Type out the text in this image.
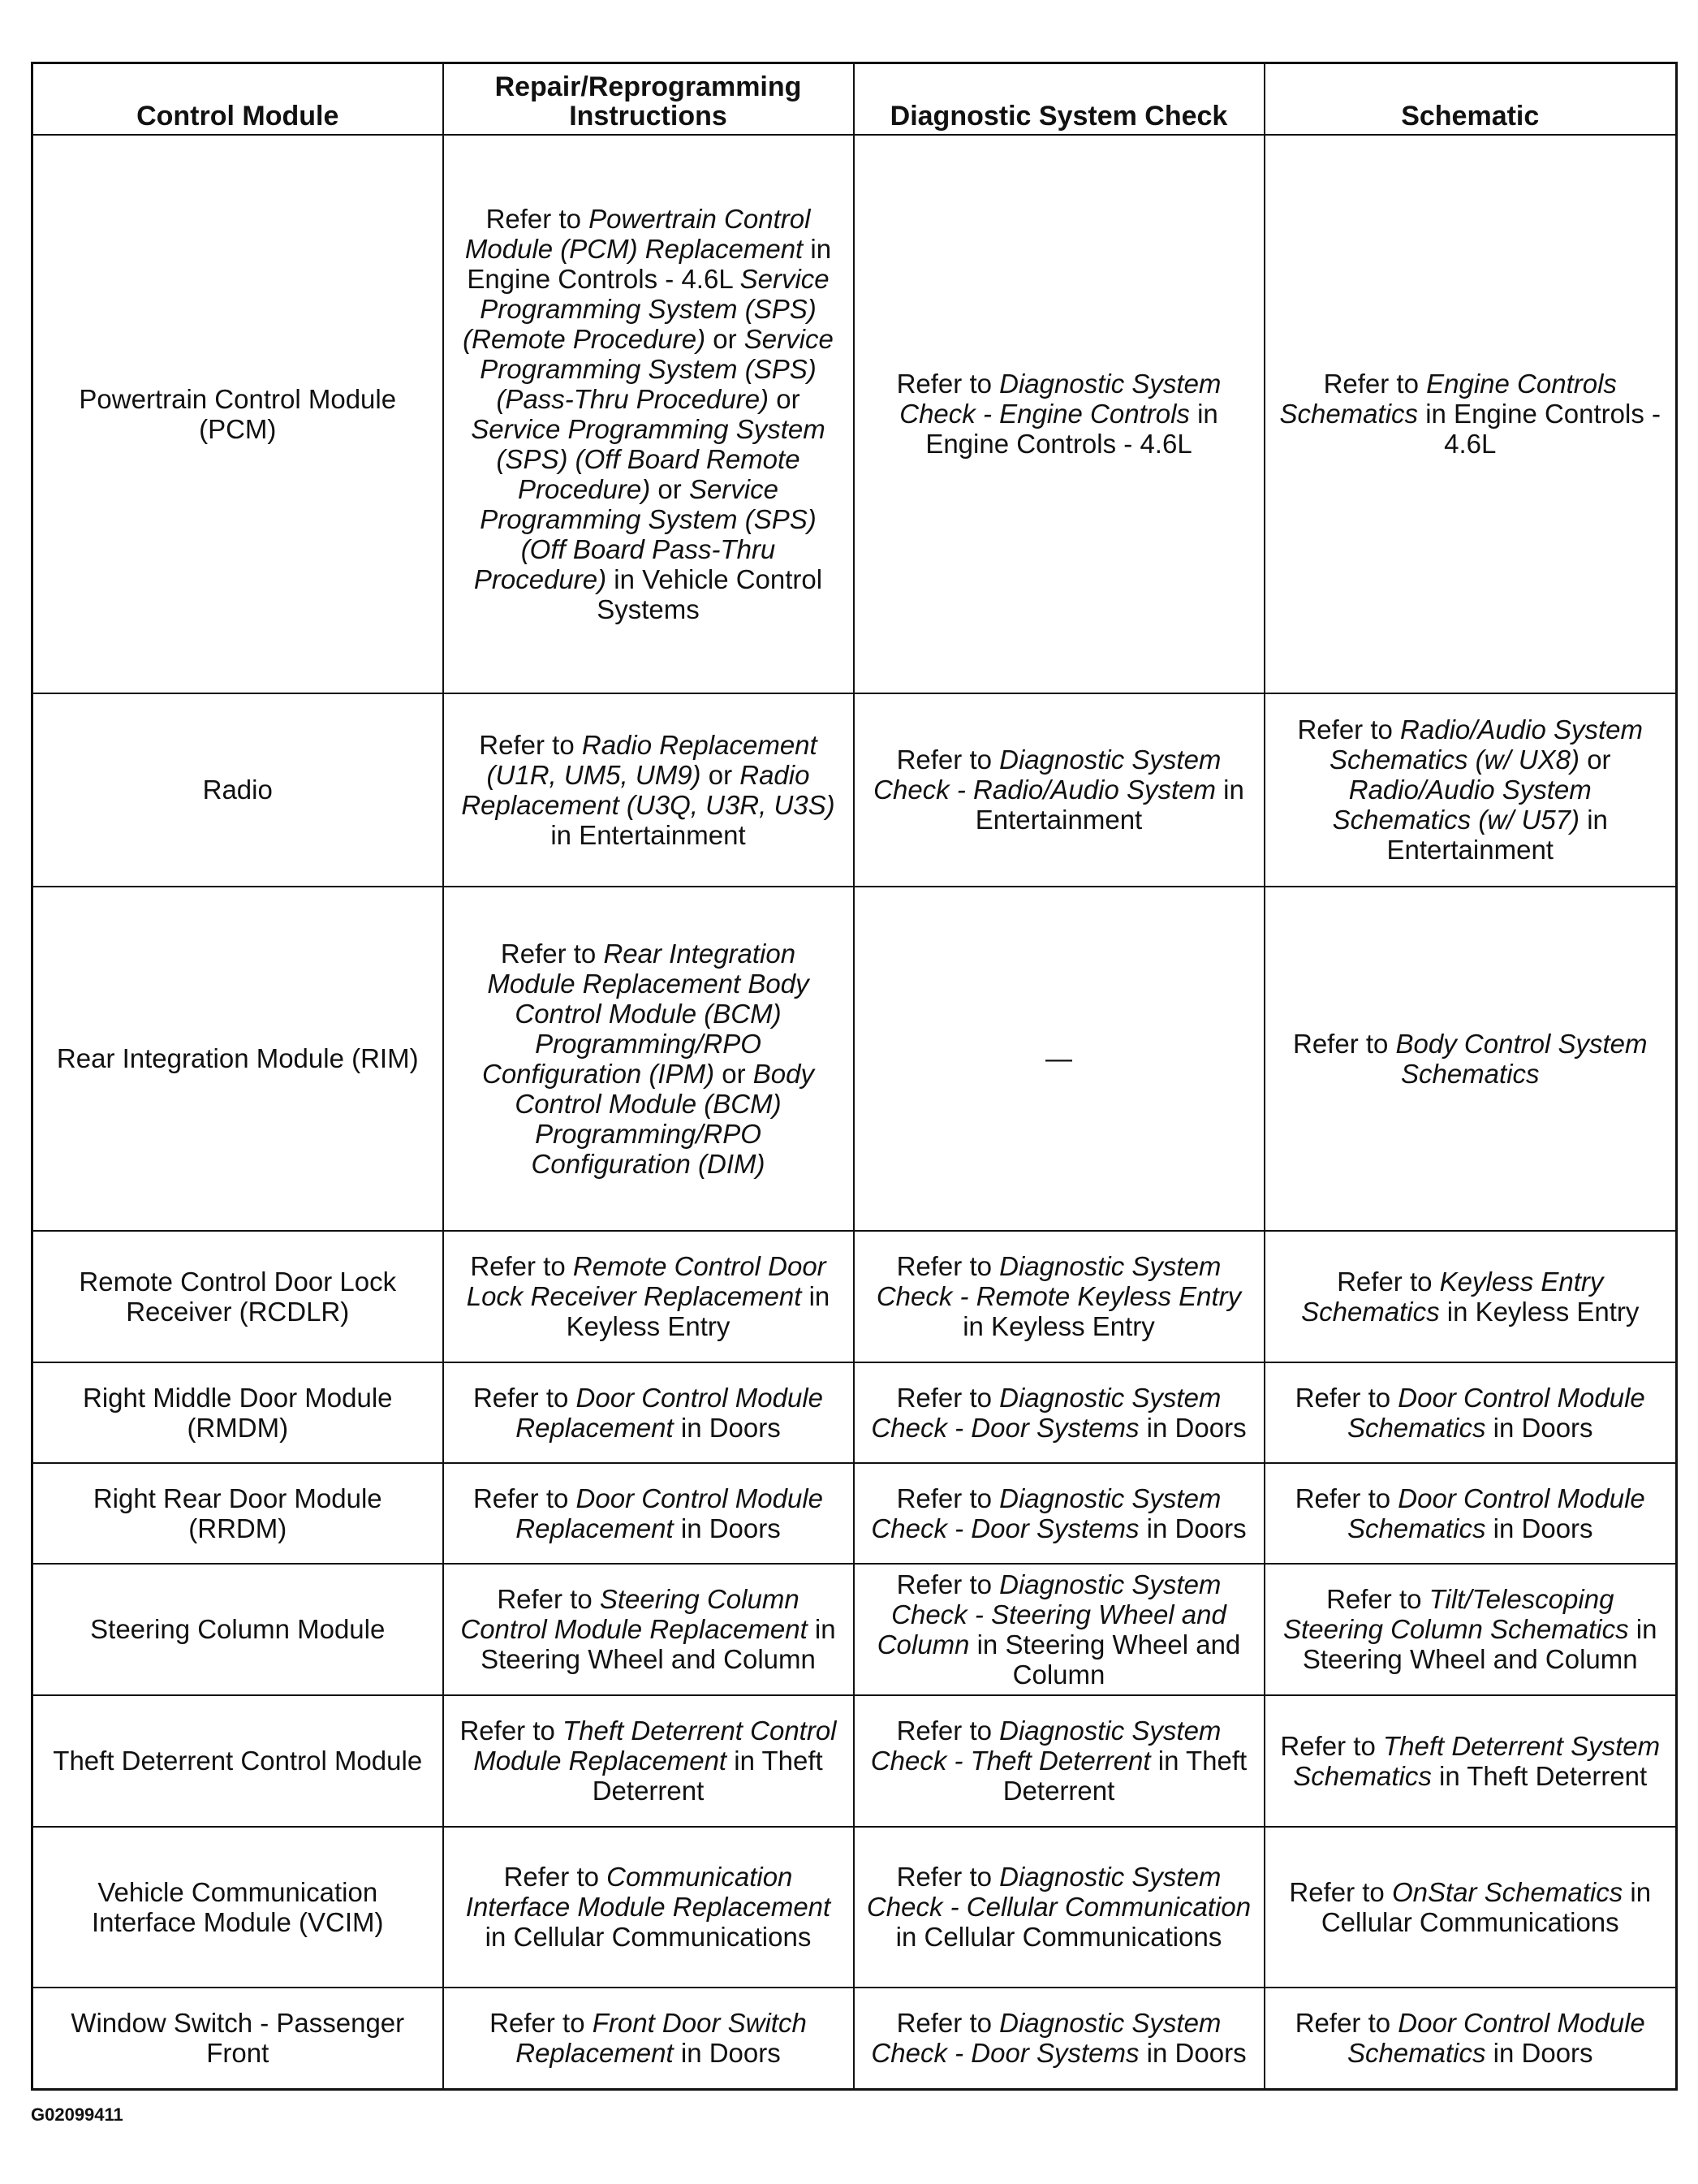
Control Module	Repair/Reprogramming Instructions	Diagnostic System Check	Schematic
Powertrain Control Module (PCM)	Refer to Powertrain Control Module (PCM) Replacement in Engine Controls - 4.6L Service Programming System (SPS) (Remote Procedure) or Service Programming System (SPS) (Pass-Thru Procedure) or Service Programming System (SPS) (Off Board Remote Procedure) or Service Programming System (SPS) (Off Board Pass-Thru Procedure) in Vehicle Control Systems	Refer to Diagnostic System Check - Engine Controls in Engine Controls - 4.6L	Refer to Engine Controls Schematics in Engine Controls - 4.6L
Radio	Refer to Radio Replacement (U1R, UM5, UM9) or Radio Replacement (U3Q, U3R, U3S) in Entertainment	Refer to Diagnostic System Check - Radio/Audio System in Entertainment	Refer to Radio/Audio System Schematics (w/ UX8) or Radio/Audio System Schematics (w/ U57) in Entertainment
Rear Integration Module (RIM)	Refer to Rear Integration Module Replacement Body Control Module (BCM) Programming/RPO Configuration (IPM) or Body Control Module (BCM) Programming/RPO Configuration (DIM)	—	Refer to Body Control System Schematics
Remote Control Door Lock Receiver (RCDLR)	Refer to Remote Control Door Lock Receiver Replacement in Keyless Entry	Refer to Diagnostic System Check - Remote Keyless Entry in Keyless Entry	Refer to Keyless Entry Schematics in Keyless Entry
Right Middle Door Module (RMDM)	Refer to Door Control Module Replacement in Doors	Refer to Diagnostic System Check - Door Systems in Doors	Refer to Door Control Module Schematics in Doors
Right Rear Door Module (RRDM)	Refer to Door Control Module Replacement in Doors	Refer to Diagnostic System Check - Door Systems in Doors	Refer to Door Control Module Schematics in Doors
Steering Column Module	Refer to Steering Column Control Module Replacement in Steering Wheel and Column	Refer to Diagnostic System Check - Steering Wheel and Column in Steering Wheel and Column	Refer to Tilt/Telescoping Steering Column Schematics in Steering Wheel and Column
Theft Deterrent Control Module	Refer to Theft Deterrent Control Module Replacement in Theft Deterrent	Refer to Diagnostic System Check - Theft Deterrent in Theft Deterrent	Refer to Theft Deterrent System Schematics in Theft Deterrent
Vehicle Communication Interface Module (VCIM)	Refer to Communication Interface Module Replacement in Cellular Communications	Refer to Diagnostic System Check - Cellular Communication in Cellular Communications	Refer to OnStar Schematics in Cellular Communications
Window Switch - Passenger Front	Refer to Front Door Switch Replacement in Doors	Refer to Diagnostic System Check - Door Systems in Doors	Refer to Door Control Module Schematics in Doors
G02099411
